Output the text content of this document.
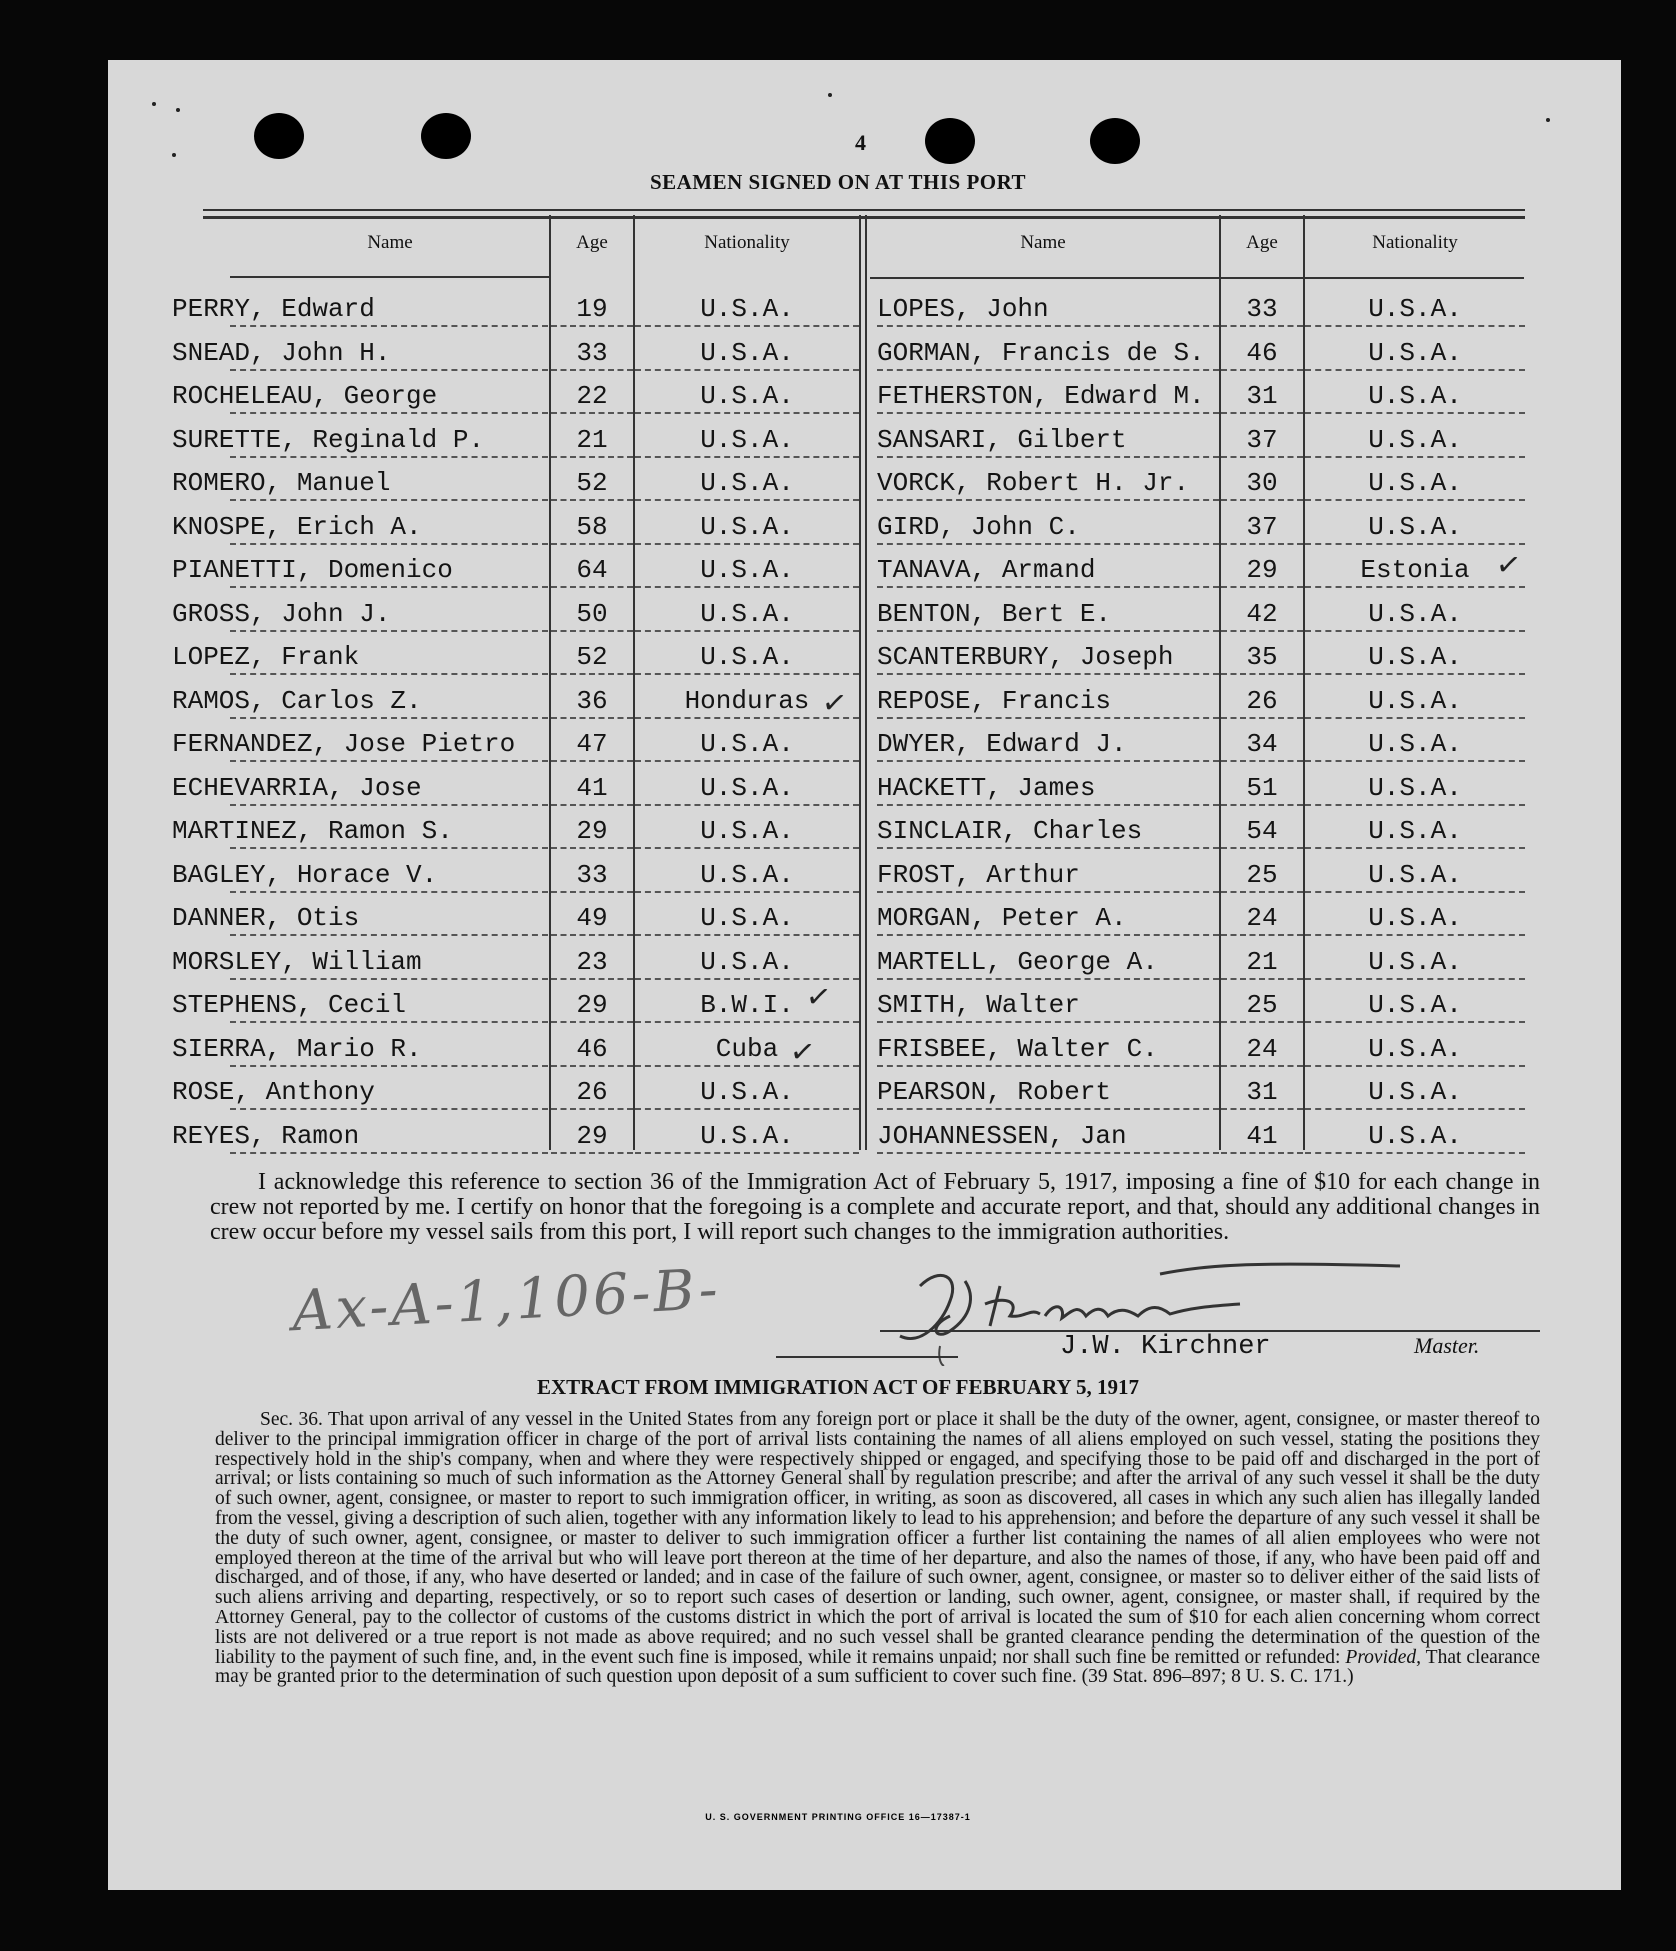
4
SEAMEN SIGNED ON AT THIS PORT
Name	Age	Nationality	Name	Age	Nationality
PERRY, Edward	19	U.S.A.	LOPES, John	33	U.S.A.
SNEAD, John H.	33	U.S.A.	GORMAN, Francis de S.	46	U.S.A.
ROCHELEAU, George	22	U.S.A.	FETHERSTON, Edward M.	31	U.S.A.
SURETTE, Reginald P.	21	U.S.A.	SANSARI, Gilbert	37	U.S.A.
ROMERO, Manuel	52	U.S.A.	VORCK, Robert H. Jr.	30	U.S.A.
KNOSPE, Erich A.	58	U.S.A.	GIRD, John C.	37	U.S.A.
PIANETTI, Domenico	64	U.S.A.	TANAVA, Armand	29	Estonia
GROSS, John J.	50	U.S.A.	BENTON, Bert E.	42	U.S.A.
LOPEZ, Frank	52	U.S.A.	SCANTERBURY, Joseph	35	U.S.A.
RAMOS, Carlos Z.	36	Honduras	REPOSE, Francis	26	U.S.A.
FERNANDEZ, Jose Pietro	47	U.S.A.	DWYER, Edward J.	34	U.S.A.
ECHEVARRIA, Jose	41	U.S.A.	HACKETT, James	51	U.S.A.
MARTINEZ, Ramon S.	29	U.S.A.	SINCLAIR, Charles	54	U.S.A.
BAGLEY, Horace V.	33	U.S.A.	FROST, Arthur	25	U.S.A.
DANNER, Otis	49	U.S.A.	MORGAN, Peter A.	24	U.S.A.
MORSLEY, William	23	U.S.A.	MARTELL, George A.	21	U.S.A.
STEPHENS, Cecil	29	B.W.I.	SMITH, Walter	25	U.S.A.
SIERRA, Mario R.	46	Cuba	FRISBEE, Walter C.	24	U.S.A.
ROSE, Anthony	26	U.S.A.	PEARSON, Robert	31	U.S.A.
REYES, Ramon	29	U.S.A.	JOHANNESSEN, Jan	41	U.S.A.
✓
✓
✓
✓
I acknowledge this reference to section 36 of the Immigration Act of February 5, 1917, imposing a fine of $10 for each change in crew not reported by me. I certify on honor that the foregoing is a complete and accurate report, and that, should any additional changes in crew occur before my vessel sails from this port, I will report such changes to the immigration authorities.
Ax-A-1,106-B-
J.W. Kirchner	Master.
EXTRACT FROM IMMIGRATION ACT OF FEBRUARY 5, 1917
Sec. 36. That upon arrival of any vessel in the United States from any foreign port or place it shall be the duty of the owner, agent, consignee, or master thereof to deliver to the principal immigration officer in charge of the port of arrival lists containing the names of all aliens employed on such vessel, stating the positions they respectively hold in the ship's company, when and where they were respectively shipped or engaged, and specifying those to be paid off and discharged in the port of arrival; or lists containing so much of such information as the Attorney General shall by regulation prescribe; and after the arrival of any such vessel it shall be the duty of such owner, agent, consignee, or master to report to such immigration officer, in writing, as soon as discovered, all cases in which any such alien has illegally landed from the vessel, giving a description of such alien, together with any information likely to lead to his apprehension; and before the departure of any such vessel it shall be the duty of such owner, agent, consignee, or master to deliver to such immigration officer a further list containing the names of all alien employees who were not employed thereon at the time of the arrival but who will leave port thereon at the time of her departure, and also the names of those, if any, who have been paid off and discharged, and of those, if any, who have deserted or landed; and in case of the failure of such owner, agent, consignee, or master so to deliver either of the said lists of such aliens arriving and departing, respectively, or so to report such cases of desertion or landing, such owner, agent, consignee, or master shall, if required by the Attorney General, pay to the collector of customs of the customs district in which the port of arrival is located the sum of $10 for each alien concerning whom correct lists are not delivered or a true report is not made as above required; and no such vessel shall be granted clearance pending the determination of the question of the liability to the payment of such fine, and, in the event such fine is imposed, while it remains unpaid; nor shall such fine be remitted or refunded: Provided, That clearance may be granted prior to the determination of such question upon deposit of a sum sufficient to cover such fine. (39 Stat. 896–897; 8 U. S. C. 171.)
U. S. GOVERNMENT PRINTING OFFICE 16—17387-1
